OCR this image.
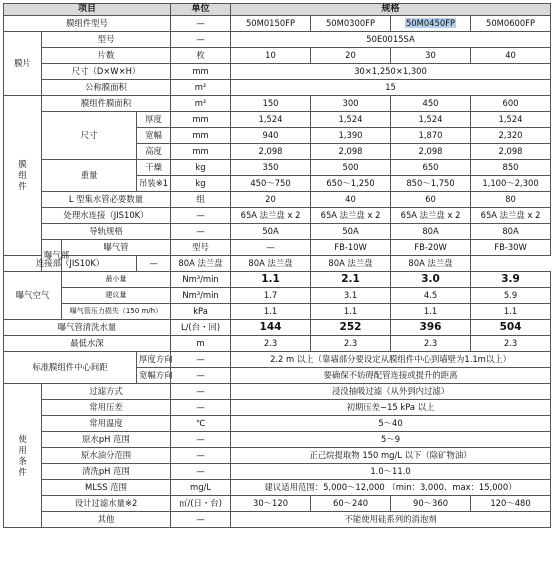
项目				单位	规格				
膜组件型号				—	50M0150FP	50M0300FP	50M0450FP	50M0600FP	
膜片	型号			—	50E0015SA				
	片数			枚	10	20	30	40	
	尺寸（D×W×H）			mm	30×1,250×1,300				
	公称膜面积			m²	15				
膜
组
件	膜组件膜面积			m²	150	300	450	600	
	尺寸		厚度	mm	1,524	1,524	1,524	1,524	
			宽幅	mm	940	1,390	1,870	2,320	
			高度	mm	2,098	2,098	2,098	2,098	
	重量		干燥	kg	350	500	650	850	
			吊装※1	kg	450～750	650～1,250	850～1,750	1,100～2,300	
	L 型集水管必要数量			组	20	40	60	80	
	处理水连接（JIS10K）			—	65A 法兰盘 x 2	65A 法兰盘 x 2	65A 法兰盘 x 2	65A 法兰盘 x 2	
	导轨规格			—	50A	50A	80A	80A	
	曝气部	曝气管		型号	—	FB-10W	FB-20W	FB-30W	
连接部（JIS10K）			—	80A 法兰盘	80A 法兰盘	80A 法兰盘	80A 法兰盘		
曝气空气		最小量		Nm³/min	1.1	2.1	3.0	3.9	
		建议量		Nm³/min	1.7	3.1	4.5	5.9	
		曝气管压力损失（150 m/h）		kPa	1.1	1.1	1.1	1.1	
曝气管清洗水量				L/(台・回)	144	252	396	504	
最低水深				m	2.3	2.3	2.3	2.3	
标准膜组件中心间距			厚度方向	—	2.2 m 以上（靠墙部分要设定从膜组件中心到墙壁为1.1m以上）				
			宽幅方向	—	要确保不妨碍配管连接或提升的距离				
使
用
条
件	过滤方式			—	浸没抽吸过滤（从外到内过滤）				
	常用压差			—	初期压差−15 kPa 以上				
	常用温度			℃	5～40				
	原水pH 范围			—	5～9				
	原水油分范围			—	正己烷提取物 150 mg/L 以下（除矿物油）				
	清洗pH 范围			—	1.0～11.0				
	MLSS 范围			mg/L	建议适用范围：5,000～12,000 （min：3,000、max：15,000）				
	设计过滤水量※2			㎥/(日・台)	30～120	60～240	90～360	120～480	
	其他			—	不能使用硅系列的消泡剂				
